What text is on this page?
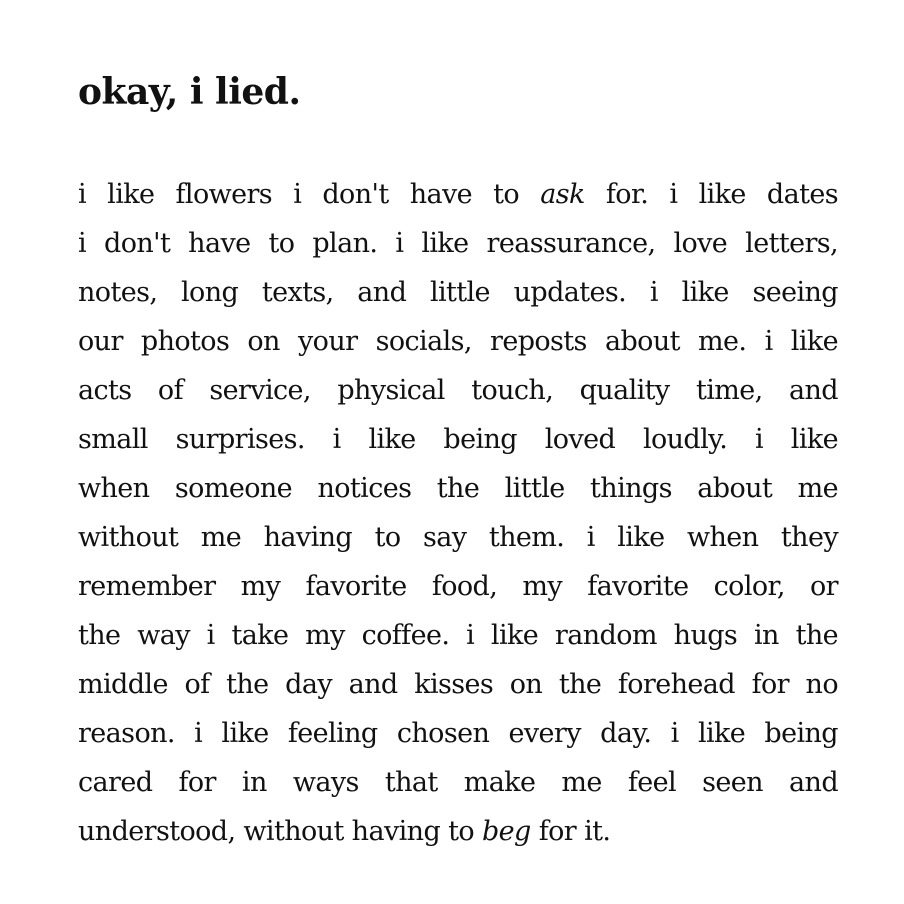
okay, i lied.
i like flowers i don't have to ask for. i like dates
i don't have to plan. i like reassurance, love letters,
notes, long texts, and little updates. i like seeing
our photos on your socials, reposts about me. i like
acts of service, physical touch, quality time, and
small surprises. i like being loved loudly. i like
when someone notices the little things about me
without me having to say them. i like when they
remember my favorite food, my favorite color, or
the way i take my coffee. i like random hugs in the
middle of the day and kisses on the forehead for no
reason. i like feeling chosen every day. i like being
cared for in ways that make me feel seen and
understood, without having to beg for it.
